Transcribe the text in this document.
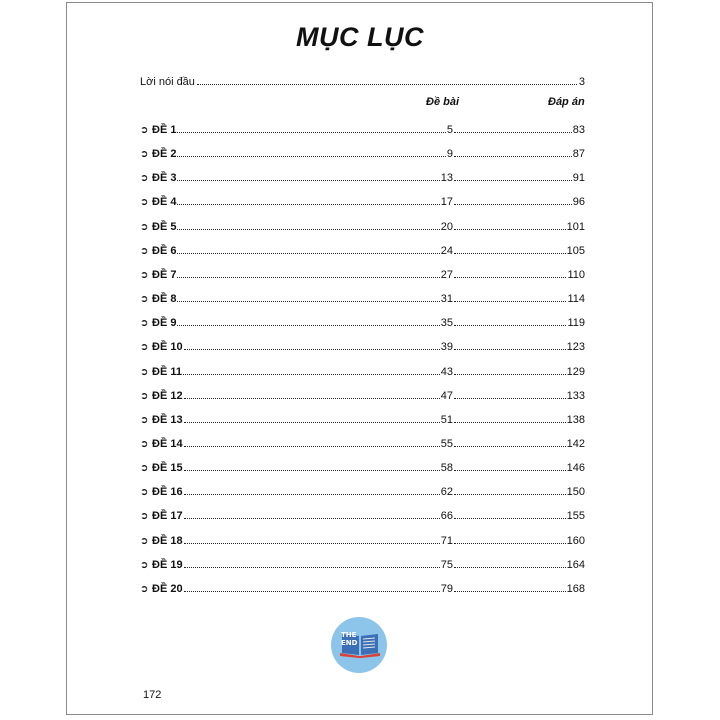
MỤC LỤC
Lời nói đầu	3
Đề bài	Đáp án
➲ ĐỀ 1	5	83
➲ ĐỀ 2	9	87
➲ ĐỀ 3	13	91
➲ ĐỀ 4	17	96
➲ ĐỀ 5	20	101
➲ ĐỀ 6	24	105
➲ ĐỀ 7	27	110
➲ ĐỀ 8	31	114
➲ ĐỀ 9	35	119
➲ ĐỀ 10	39	123
➲ ĐỀ 11	43	129
➲ ĐỀ 12	47	133
➲ ĐỀ 13	51	138
➲ ĐỀ 14	55	142
➲ ĐỀ 15	58	146
➲ ĐỀ 16	62	150
➲ ĐỀ 17	66	155
➲ ĐỀ 18	71	160
➲ ĐỀ 19	75	164
➲ ĐỀ 20	79	168
THE
END
172
